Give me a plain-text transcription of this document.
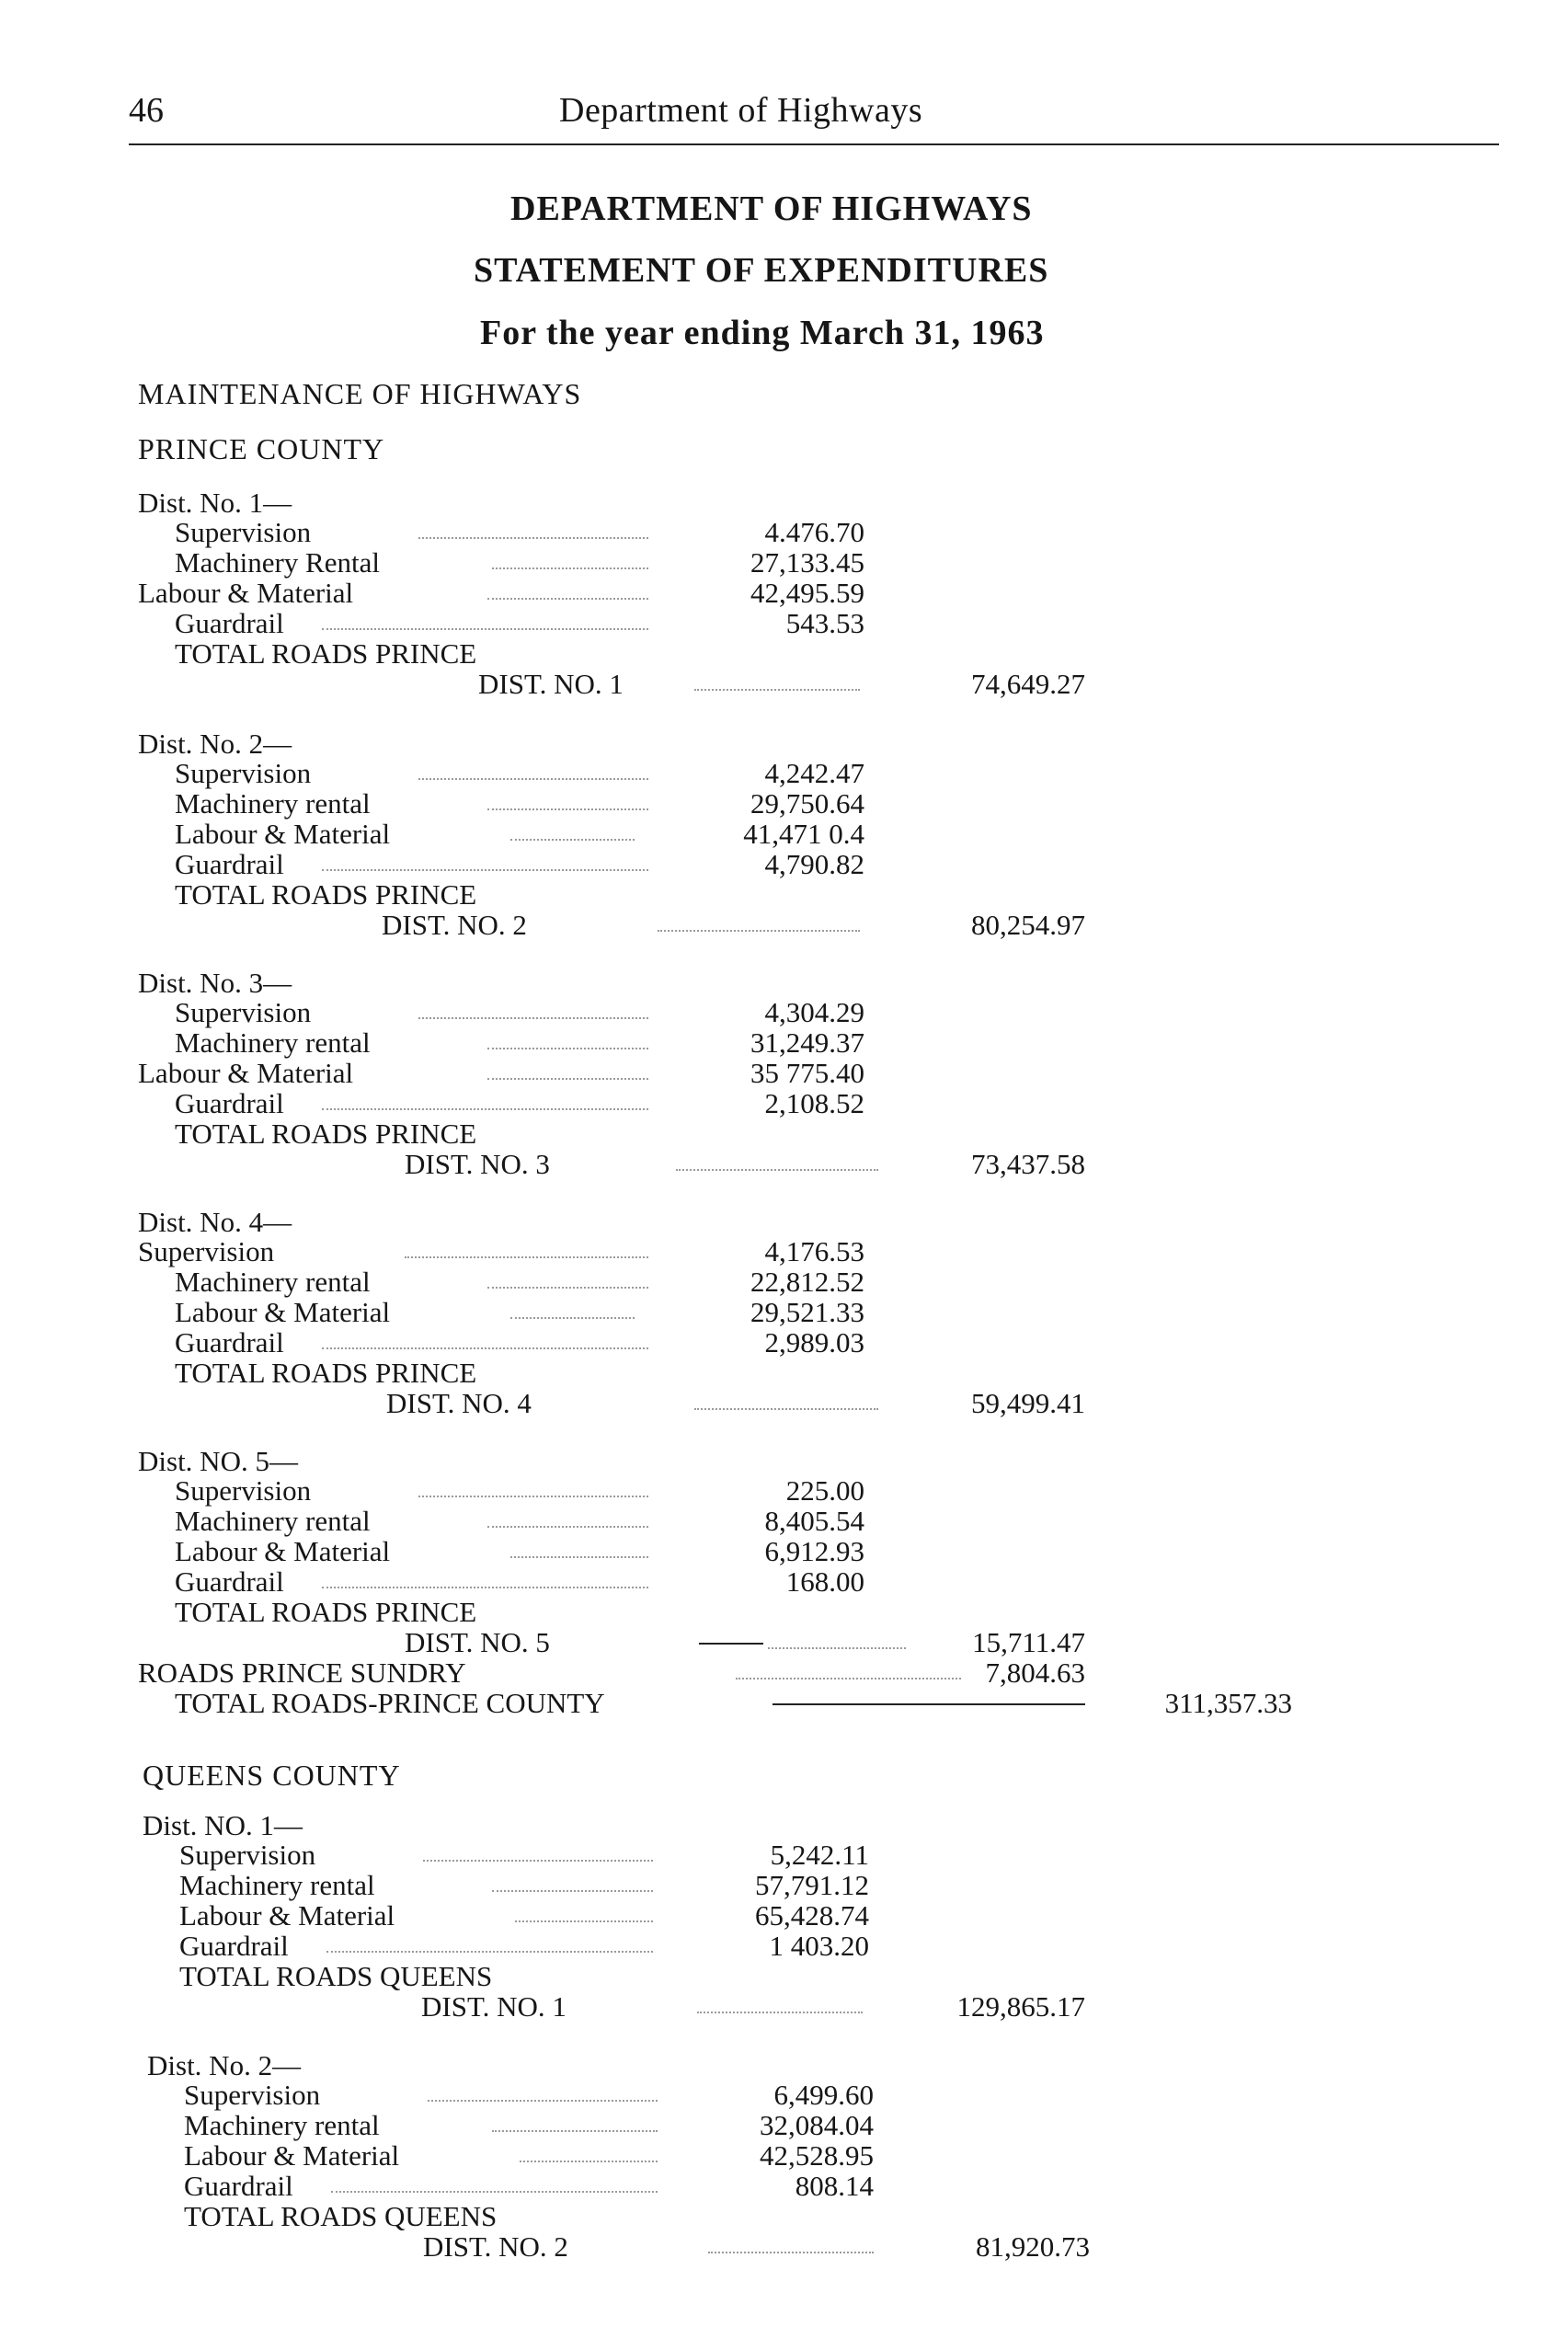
46	Department of Highways
DEPARTMENT OF HIGHWAYS
STATEMENT OF EXPENDITURES
For the year ending March 31, 1963
MAINTENANCE OF HIGHWAYS
PRINCE COUNTY
Dist. No. 1—
Supervision	4.476.70
Machinery Rental	27,133.45
Labour & Material	42,495.59
Guardrail	543.53
TOTAL ROADS PRINCE
DIST. NO. 1	74,649.27
Dist. No. 2—
Supervision	4,242.47
Machinery rental	29,750.64
Labour & Material	41,471 0.4
Guardrail	4,790.82
TOTAL ROADS PRINCE
DIST. NO. 2	80,254.97
Dist. No. 3—
Supervision	4,304.29
Machinery rental	31,249.37
Labour & Material	35 775.40
Guardrail	2,108.52
TOTAL ROADS PRINCE
DIST. NO. 3	73,437.58
Dist. No. 4—
Supervision	4,176.53
Machinery rental	22,812.52
Labour & Material	29,521.33
Guardrail	2,989.03
TOTAL ROADS PRINCE
DIST. NO. 4	59,499.41
Dist. NO. 5—
Supervision	225.00
Machinery rental	8,405.54
Labour & Material	6,912.93
Guardrail	168.00
TOTAL ROADS PRINCE
DIST. NO. 5	15,711.47
ROADS PRINCE SUNDRY	7,804.63
TOTAL ROADS-PRINCE COUNTY	311,357.33
QUEENS COUNTY
Dist. NO. 1—
Supervision	5,242.11
Machinery rental	57,791.12
Labour & Material	65,428.74
Guardrail	1 403.20
TOTAL ROADS QUEENS
DIST. NO. 1	129,865.17
Dist. No. 2—
Supervision	6,499.60
Machinery rental	32,084.04
Labour & Material	42,528.95
Guardrail	808.14
TOTAL ROADS QUEENS
DIST. NO. 2	81,920.73
